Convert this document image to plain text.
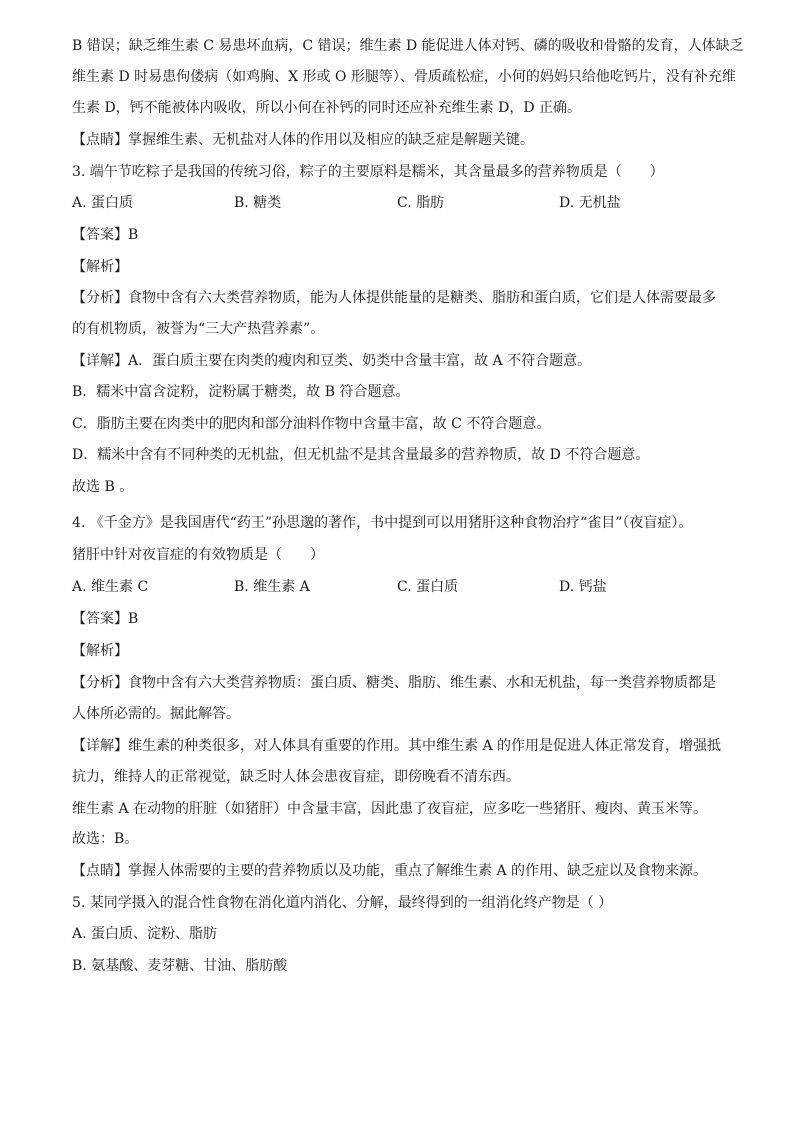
B 错误；缺乏维生素 C 易患坏血病，C 错误；维生素 D 能促进人体对钙、磷的吸收和骨骼的发育，人体缺乏
维生素 D 时易患佝偻病（如鸡胸、X 形或 O 形腿等）、骨质疏松症，小何的妈妈只给他吃钙片，没有补充维
生素 D，钙不能被体内吸收，所以小何在补钙的同时还应补充维生素 D，D 正确。
【点睛】掌握维生素、无机盐对人体的作用以及相应的缺乏症是解题关键。
3. 端午节吃粽子是我国的传统习俗，粽子的主要原料是糯米，其含量最多的营养物质是（　　）
A. 蛋白质	B. 糖类	C. 脂肪	D. 无机盐
【答案】B
【解析】
【分析】食物中含有六大类营养物质，能为人体提供能量的是糖类、脂肪和蛋白质，它们是人体需要最多
的有机物质，被誉为“三大产热营养素”。
【详解】A．蛋白质主要在肉类的瘦肉和豆类、奶类中含量丰富，故 A 不符合题意。
B．糯米中富含淀粉，淀粉属于糖类，故 B 符合题意。
C．脂肪主要在肉类中的肥肉和部分油料作物中含量丰富，故 C 不符合题意。
D．糯米中含有不同种类的无机盐，但无机盐不是其含量最多的营养物质，故 D 不符合题意。
故选 B 。
4. 《千金方》是我国唐代“药王”孙思邈的著作，书中提到可以用猪肝这种食物治疗“雀目”（夜盲症）。
猪肝中针对夜盲症的有效物质是（　　）
A. 维生素 C	B. 维生素 A	C. 蛋白质	D. 钙盐
【答案】B
【解析】
【分析】食物中含有六大类营养物质：蛋白质、糖类、脂肪、维生素、水和无机盐，每一类营养物质都是
人体所必需的。据此解答。
【详解】维生素的种类很多，对人体具有重要的作用。其中维生素 A 的作用是促进人体正常发育，增强抵
抗力，维持人的正常视觉，缺乏时人体会患夜盲症，即傍晚看不清东西。
维生素 A 在动物的肝脏（如猪肝）中含量丰富，因此患了夜盲症，应多吃一些猪肝、瘦肉、黄玉米等。
故选：B。
【点睛】掌握人体需要的主要的营养物质以及功能，重点了解维生素 A 的作用、缺乏症以及食物来源。
5. 某同学摄入的混合性食物在消化道内消化、分解，最终得到的一组消化终产物是（ ）
A. 蛋白质、淀粉、脂肪
B. 氨基酸、麦芽糖、甘油、脂肪酸
